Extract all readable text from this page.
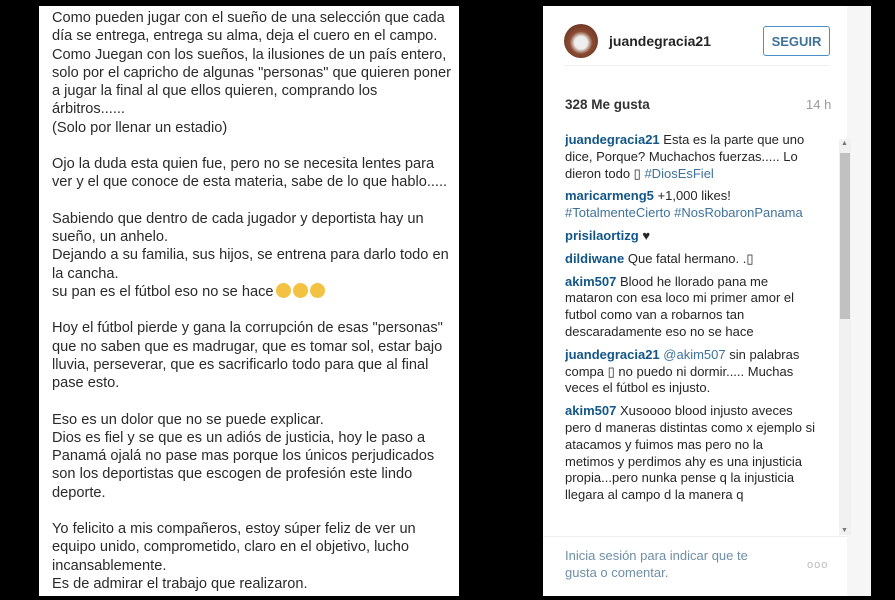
Como pueden jugar con el sueño de una selección que cada
día se entrega, entrega su alma, deja el cuero en el campo.
Como Juegan con los sueños, la ilusiones de un país entero,
solo por el capricho de algunas "personas" que quieren poner
a jugar la final al que ellos quieren, comprando los
árbitros......
(Solo por llenar un estadio)
Ojo la duda esta quien fue, pero no se necesita lentes para
ver y el que conoce de esta materia, sabe de lo que hablo.....
Sabiendo que dentro de cada jugador y deportista hay un
sueño, un anhelo.
Dejando a su familia, sus hijos, se entrena para darlo todo en
la cancha.
su pan es el fútbol eso no se hace
Hoy el fútbol pierde y gana la corrupción de esas "personas"
que no saben que es madrugar, que es tomar sol, estar bajo
lluvia, perseverar, que es sacrificarlo todo para que al final
pase esto.
Eso es un dolor que no se puede explicar.
Dios es fiel y se que es un adiós de justicia, hoy le paso a
Panamá ojalá no pase mas porque los únicos perjudicados
son los deportistas que escogen de profesión este lindo
deporte.
Yo felicito a mis compañeros, estoy súper feliz de ver un
equipo unido, comprometido, claro en el objetivo, lucho
incansablemente.
Es de admirar el trabajo que realizaron.
juandegracia21	SEGUIR
328 Me gusta	14 h
juandegracia21 Esta es la parte que uno dice, Porque? Muchachos fuerzas..... Lo dieron todo ▯ #DiosEsFiel
maricarmeng5 +1,000 likes! #TotalmenteCierto #NosRobaronPanama
prisilaortizg ♥
dildiwane Que fatal hermano. .▯
akim507 Blood he llorado pana me mataron con esa loco mi primer amor el futbol como van a robarnos tan descaradamente eso no se hace
juandegracia21 @akim507 sin palabras compa ▯ no puedo ni dormir..... Muchas veces el fútbol es injusto.
akim507 Xusoooo blood injusto aveces pero d maneras distintas como x ejemplo si atacamos y fuimos mas pero no la metimos y perdimos ahy es una injusticia propia...pero nunka pense q la injusticia llegara al campo d la manera q
▲
▼
Inicia sesión para indicar que te gusta o comentar.	ooo
